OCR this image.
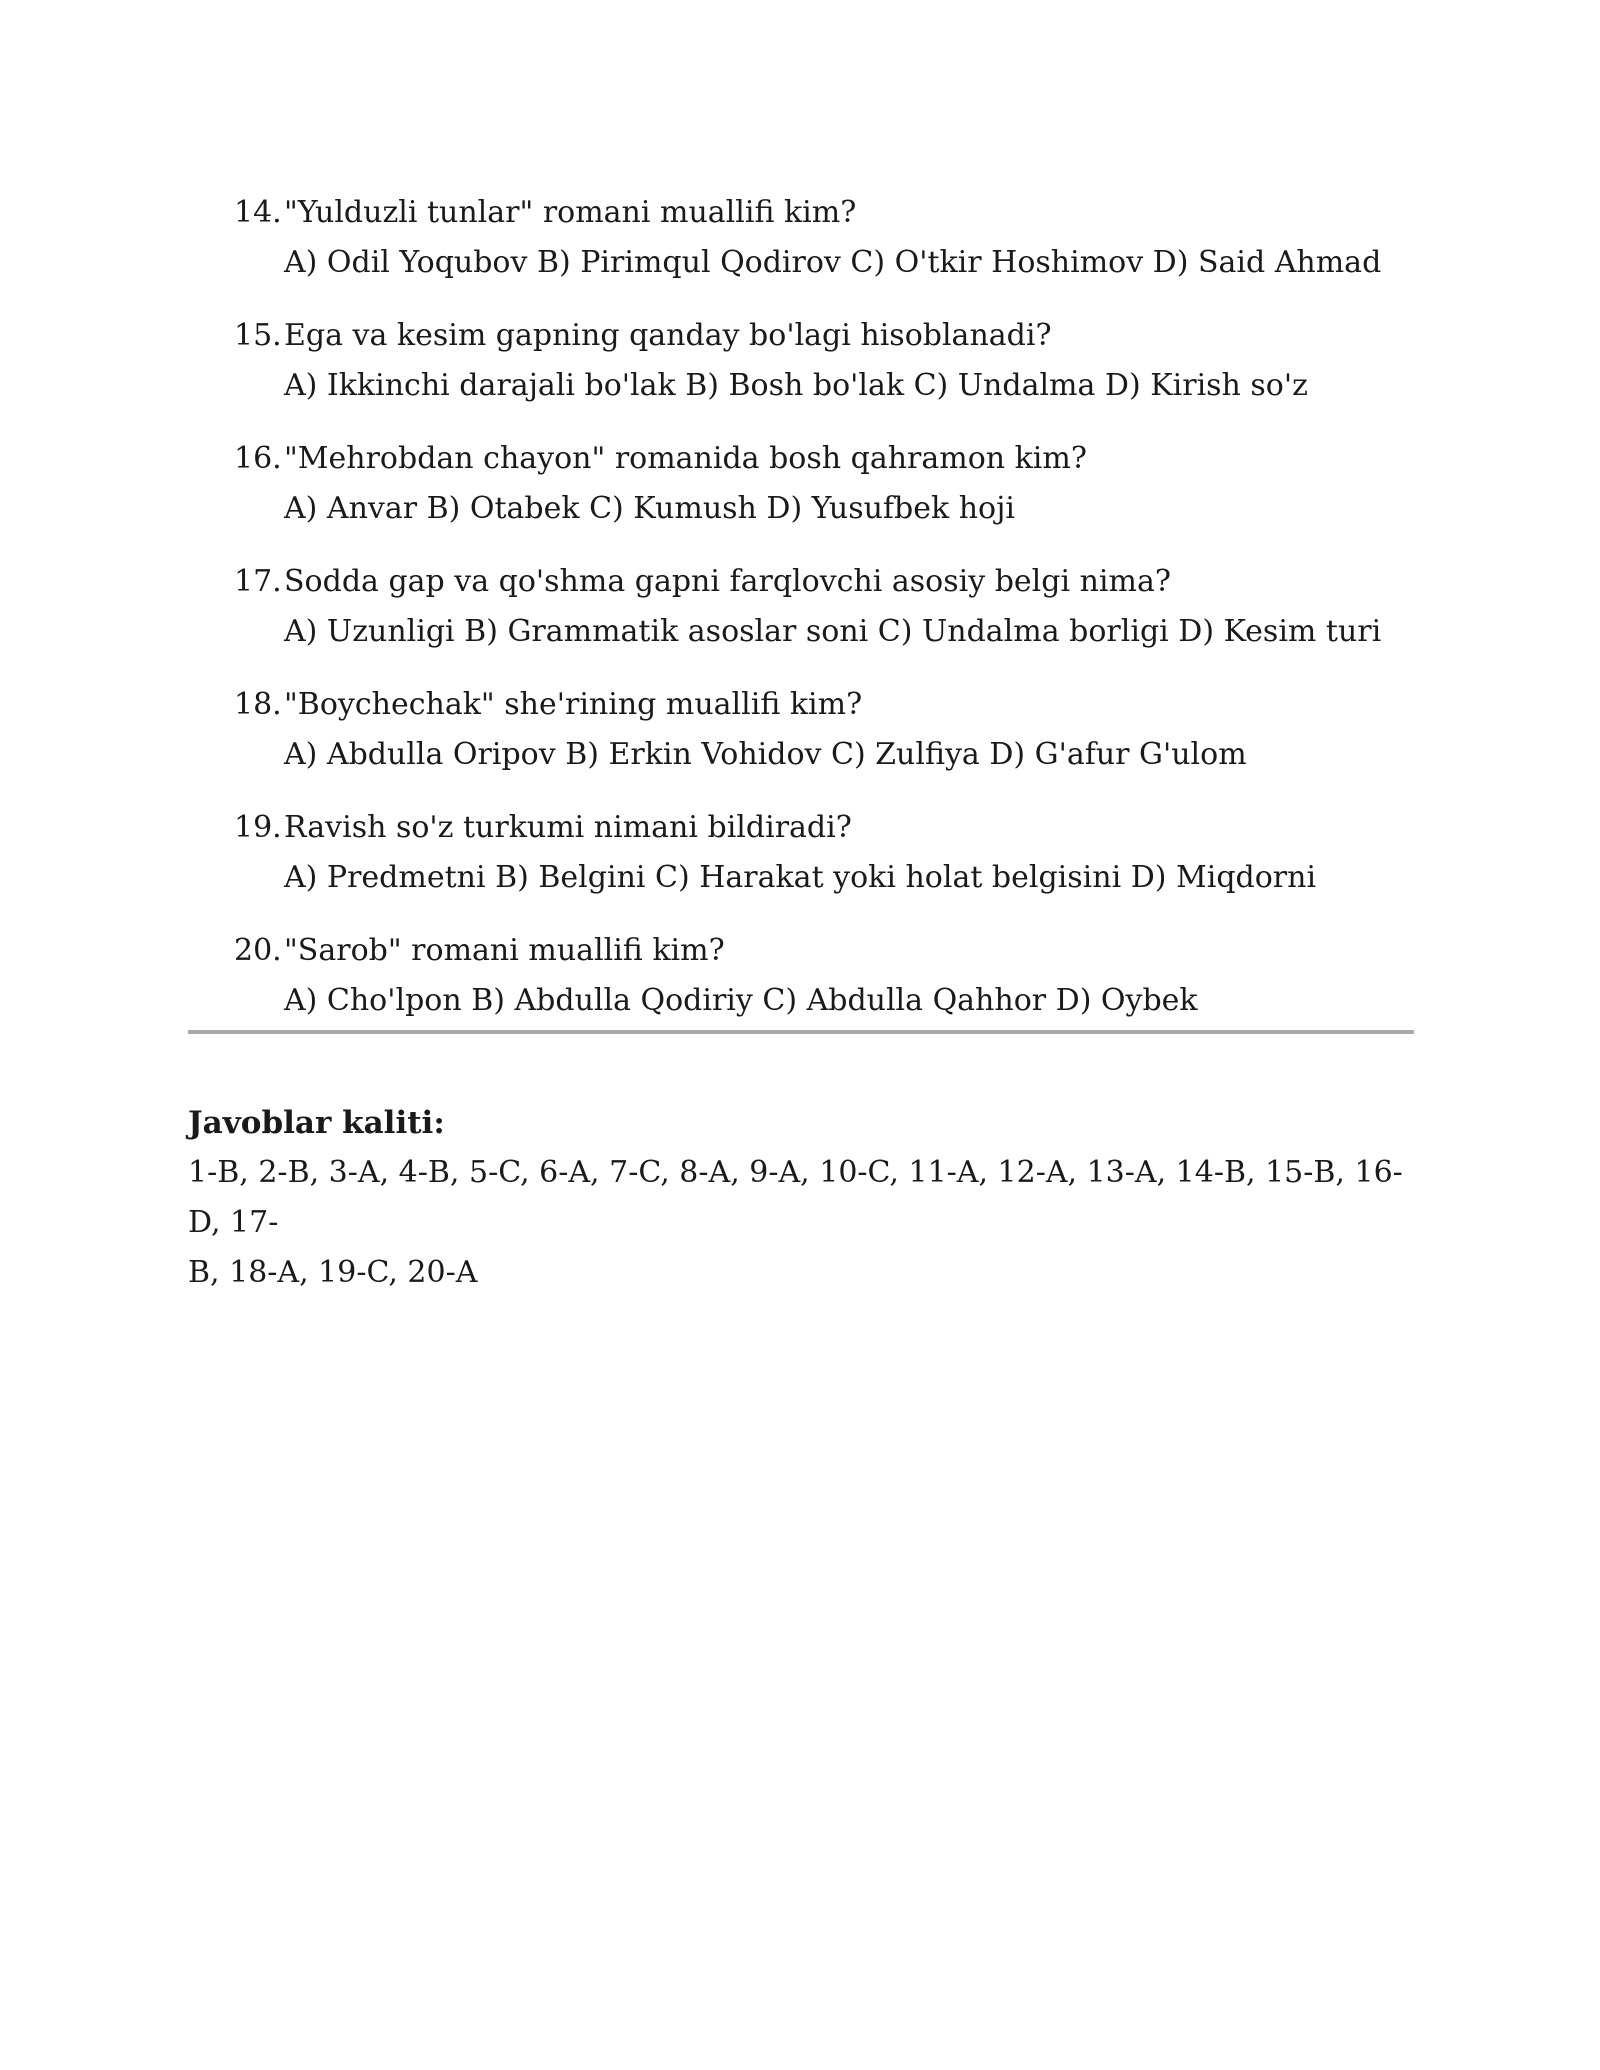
14. "Yulduzli tunlar" romani muallifi kim?
A) Odil Yoqubov B) Pirimqul Qodirov C) O'tkir Hoshimov D) Said Ahmad
15. Ega va kesim gapning qanday bo'lagi hisoblanadi?
A) Ikkinchi darajali bo'lak B) Bosh bo'lak C) Undalma D) Kirish so'z
16. "Mehrobdan chayon" romanida bosh qahramon kim?
A) Anvar B) Otabek C) Kumush D) Yusufbek hoji
17. Sodda gap va qo'shma gapni farqlovchi asosiy belgi nima?
A) Uzunligi B) Grammatik asoslar soni C) Undalma borligi D) Kesim turi
18. "Boychechak" she'rining muallifi kim?
A) Abdulla Oripov B) Erkin Vohidov C) Zulfiya D) G'afur G'ulom
19. Ravish so'z turkumi nimani bildiradi?
A) Predmetni B) Belgini C) Harakat yoki holat belgisini D) Miqdorni
20. "Sarob" romani muallifi kim?
A) Cho'lpon B) Abdulla Qodiriy C) Abdulla Qahhor D) Oybek

Javoblar kaliti:

1-B, 2-B, 3-A, 4-B, 5-C, 6-A, 7-C, 8-A, 9-A, 10-C, 11-A, 12-A, 13-A, 14-B, 15-B, 16-D, 17-

B, 18-A, 19-C, 20-A
